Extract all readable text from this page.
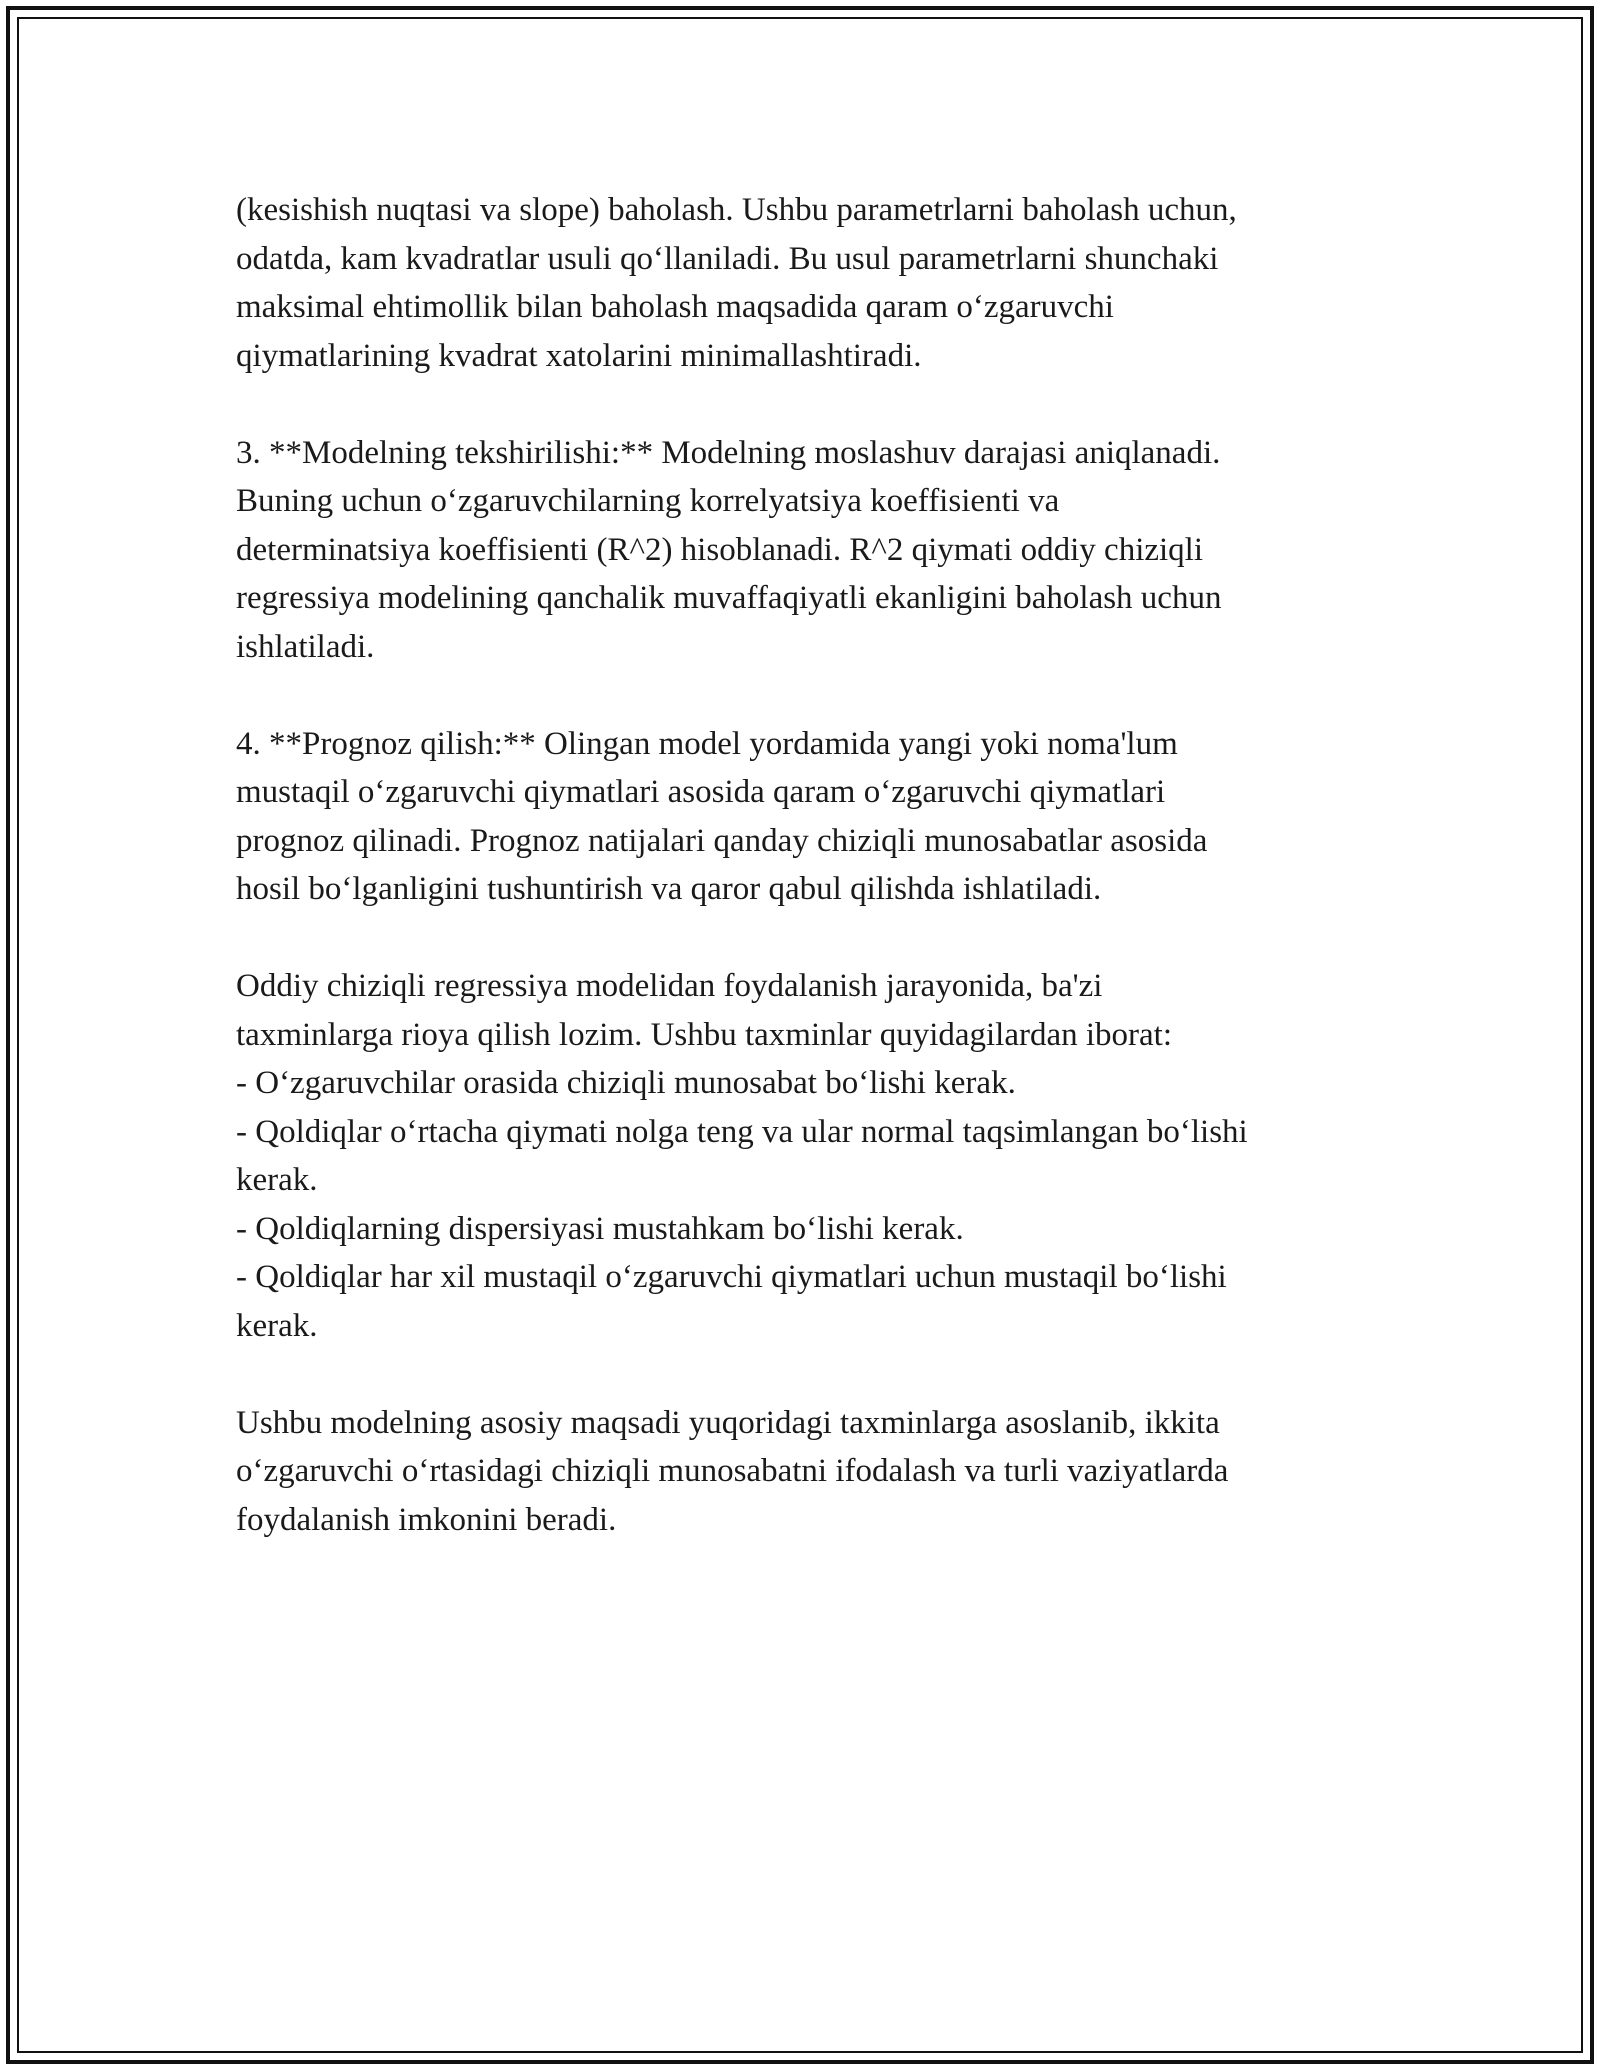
(kesishish nuqtasi va slope) baholash. Ushbu parametrlarni baholash uchun,
odatda, kam kvadratlar usuli qo‘llaniladi. Bu usul parametrlarni shunchaki
maksimal ehtimollik bilan baholash maqsadida qaram o‘zgaruvchi
qiymatlarining kvadrat xatolarini minimallashtiradi.
3. **Modelning tekshirilishi:** Modelning moslashuv darajasi aniqlanadi.
Buning uchun o‘zgaruvchilarning korrelyatsiya koeffisienti va
determinatsiya koeffisienti (R^2) hisoblanadi. R^2 qiymati oddiy chiziqli
regressiya modelining qanchalik muvaffaqiyatli ekanligini baholash uchun
ishlatiladi.
4. **Prognoz qilish:** Olingan model yordamida yangi yoki noma'lum
mustaqil o‘zgaruvchi qiymatlari asosida qaram o‘zgaruvchi qiymatlari
prognoz qilinadi. Prognoz natijalari qanday chiziqli munosabatlar asosida
hosil bo‘lganligini tushuntirish va qaror qabul qilishda ishlatiladi.
Oddiy chiziqli regressiya modelidan foydalanish jarayonida, ba'zi
taxminlarga rioya qilish lozim. Ushbu taxminlar quyidagilardan iborat:
- O‘zgaruvchilar orasida chiziqli munosabat bo‘lishi kerak.
- Qoldiqlar o‘rtacha qiymati nolga teng va ular normal taqsimlangan bo‘lishi
kerak.
- Qoldiqlarning dispersiyasi mustahkam bo‘lishi kerak.
- Qoldiqlar har xil mustaqil o‘zgaruvchi qiymatlari uchun mustaqil bo‘lishi
kerak.
Ushbu modelning asosiy maqsadi yuqoridagi taxminlarga asoslanib, ikkita
o‘zgaruvchi o‘rtasidagi chiziqli munosabatni ifodalash va turli vaziyatlarda
foydalanish imkonini beradi.
